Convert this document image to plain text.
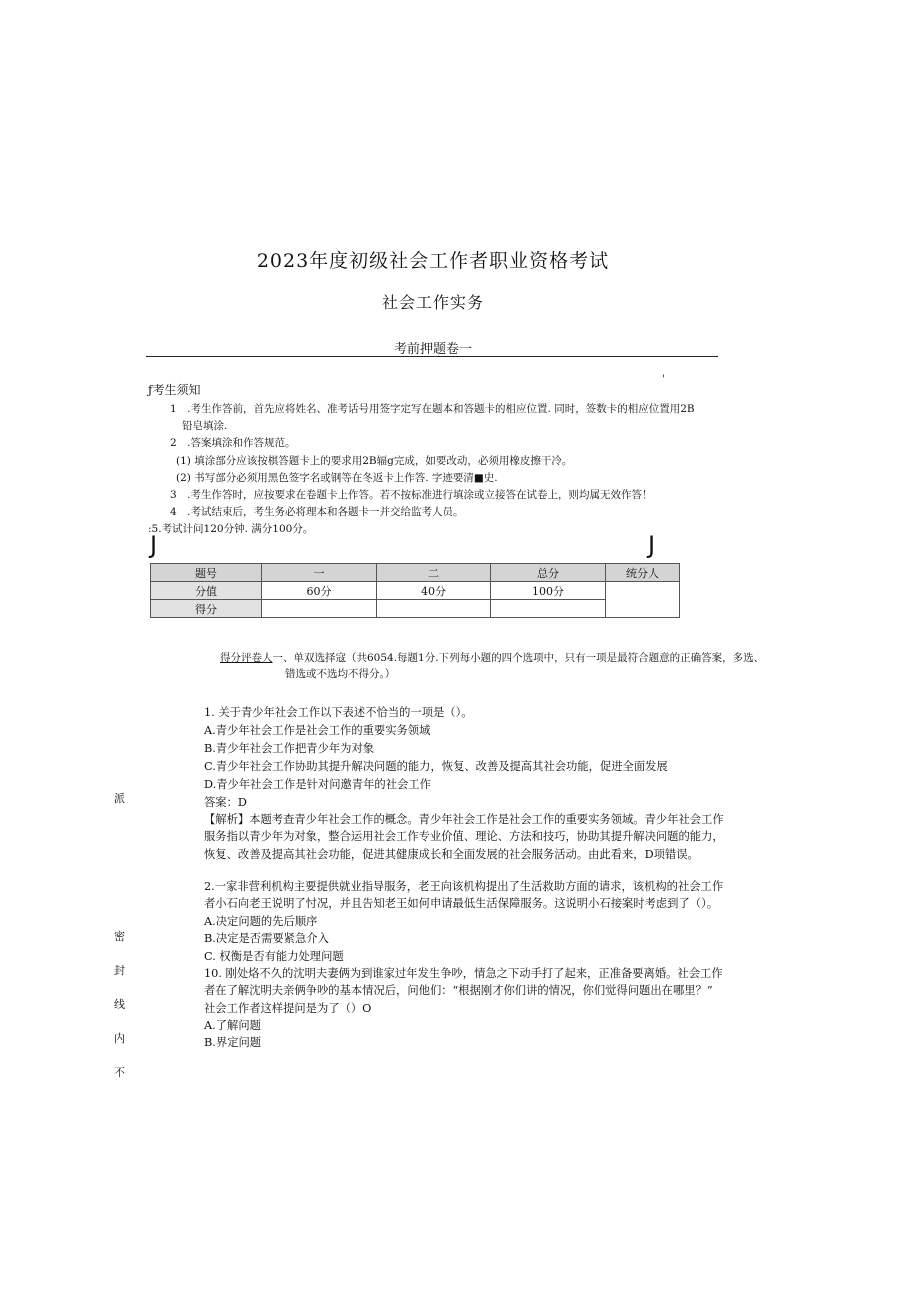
2023年度初级社会工作者职业资格考试
社会工作实务
考前押题卷一
'
ƒ考生须知
1　.考生作答前，首先应将姓名、准考话号用签字定写在题本和答题卡的相应位置. 同时，签数卡的相应位置用2B
铅皂填涂.
2　.答案填涂和作答规范。
(1) 填涂部分应该按棋答题卡上的要求用2B辐g完成，如要改动，必须用橡皮擦干冷。
(2) 书写部分必须用黑色签字名或钢等在冬返卡上作答. 字迹要清■史.
3　.考生作答时，应按要求在卷题卡上作答。若不按标准进行填涂或立接答在试卷上，则均属无效作答！
4　.考试结束后，考生务必将理本和各题卡一并交给监考人员。
:5.考试计问120分钟. 满分100分。
J	J
题号	一	二	总分	统分人
分值	60分	40分	100分	
得分				
得分评卷人一、单双选择寇（共6054.每题1分.下列每小题的四个选项中，只有一项是最符合题意的正确答案，多选、
错选或不选均不得分。）
1. 关于青少年社会工作以下表述不恰当的一项是（）。
A.青少年社会工作是社会工作的重要实务领域
B.青少年社会工作把青少年为对象
C.青少年社会工作协助其提升解决问题的能力，恢复、改善及提高其社会功能，促进全面发展
D.青少年社会工作是针对问邀青年的社会工作
答案：D
【解析】本题考查青少年社会工作的概念。青少年社会工作是社会工作的重要实务领域。青少年社会工作
服务指以青少年为对象，整合运用社会工作专业价值、理论、方法和技巧，协助其提升解决问题的能力，
恢复、改善及提高其社会功能，促进其健康成长和全面发展的社会服务活动。由此看来，D项错误。
2.一家非营利机构主要提供就业指导服务，老王向该机构提出了生活救助方面的请求，该机构的社会工作
者小石向老王说明了忖况，并且告知老王如何申请最低生活保障服务。这说明小石接案时考虑到了（）。
A.决定问题的先后顺序
B.决定是否需要紧急介入
C. 权衡是否有能力处理问题
10. 刚处烙不久的沈明夫妻俩为到谁家过年发生争吵，情急之下动手打了起来，正准备要离婚。社会工作
者在了解沈明夫亲俩争吵的基本情况后，问他们：“根据刚才你们讲的情况，你们觉得问题出在哪里？”
社会工作者这样提问是为了（）O
A.了解问题
B.界定问题
派
密
封
线
内
不
